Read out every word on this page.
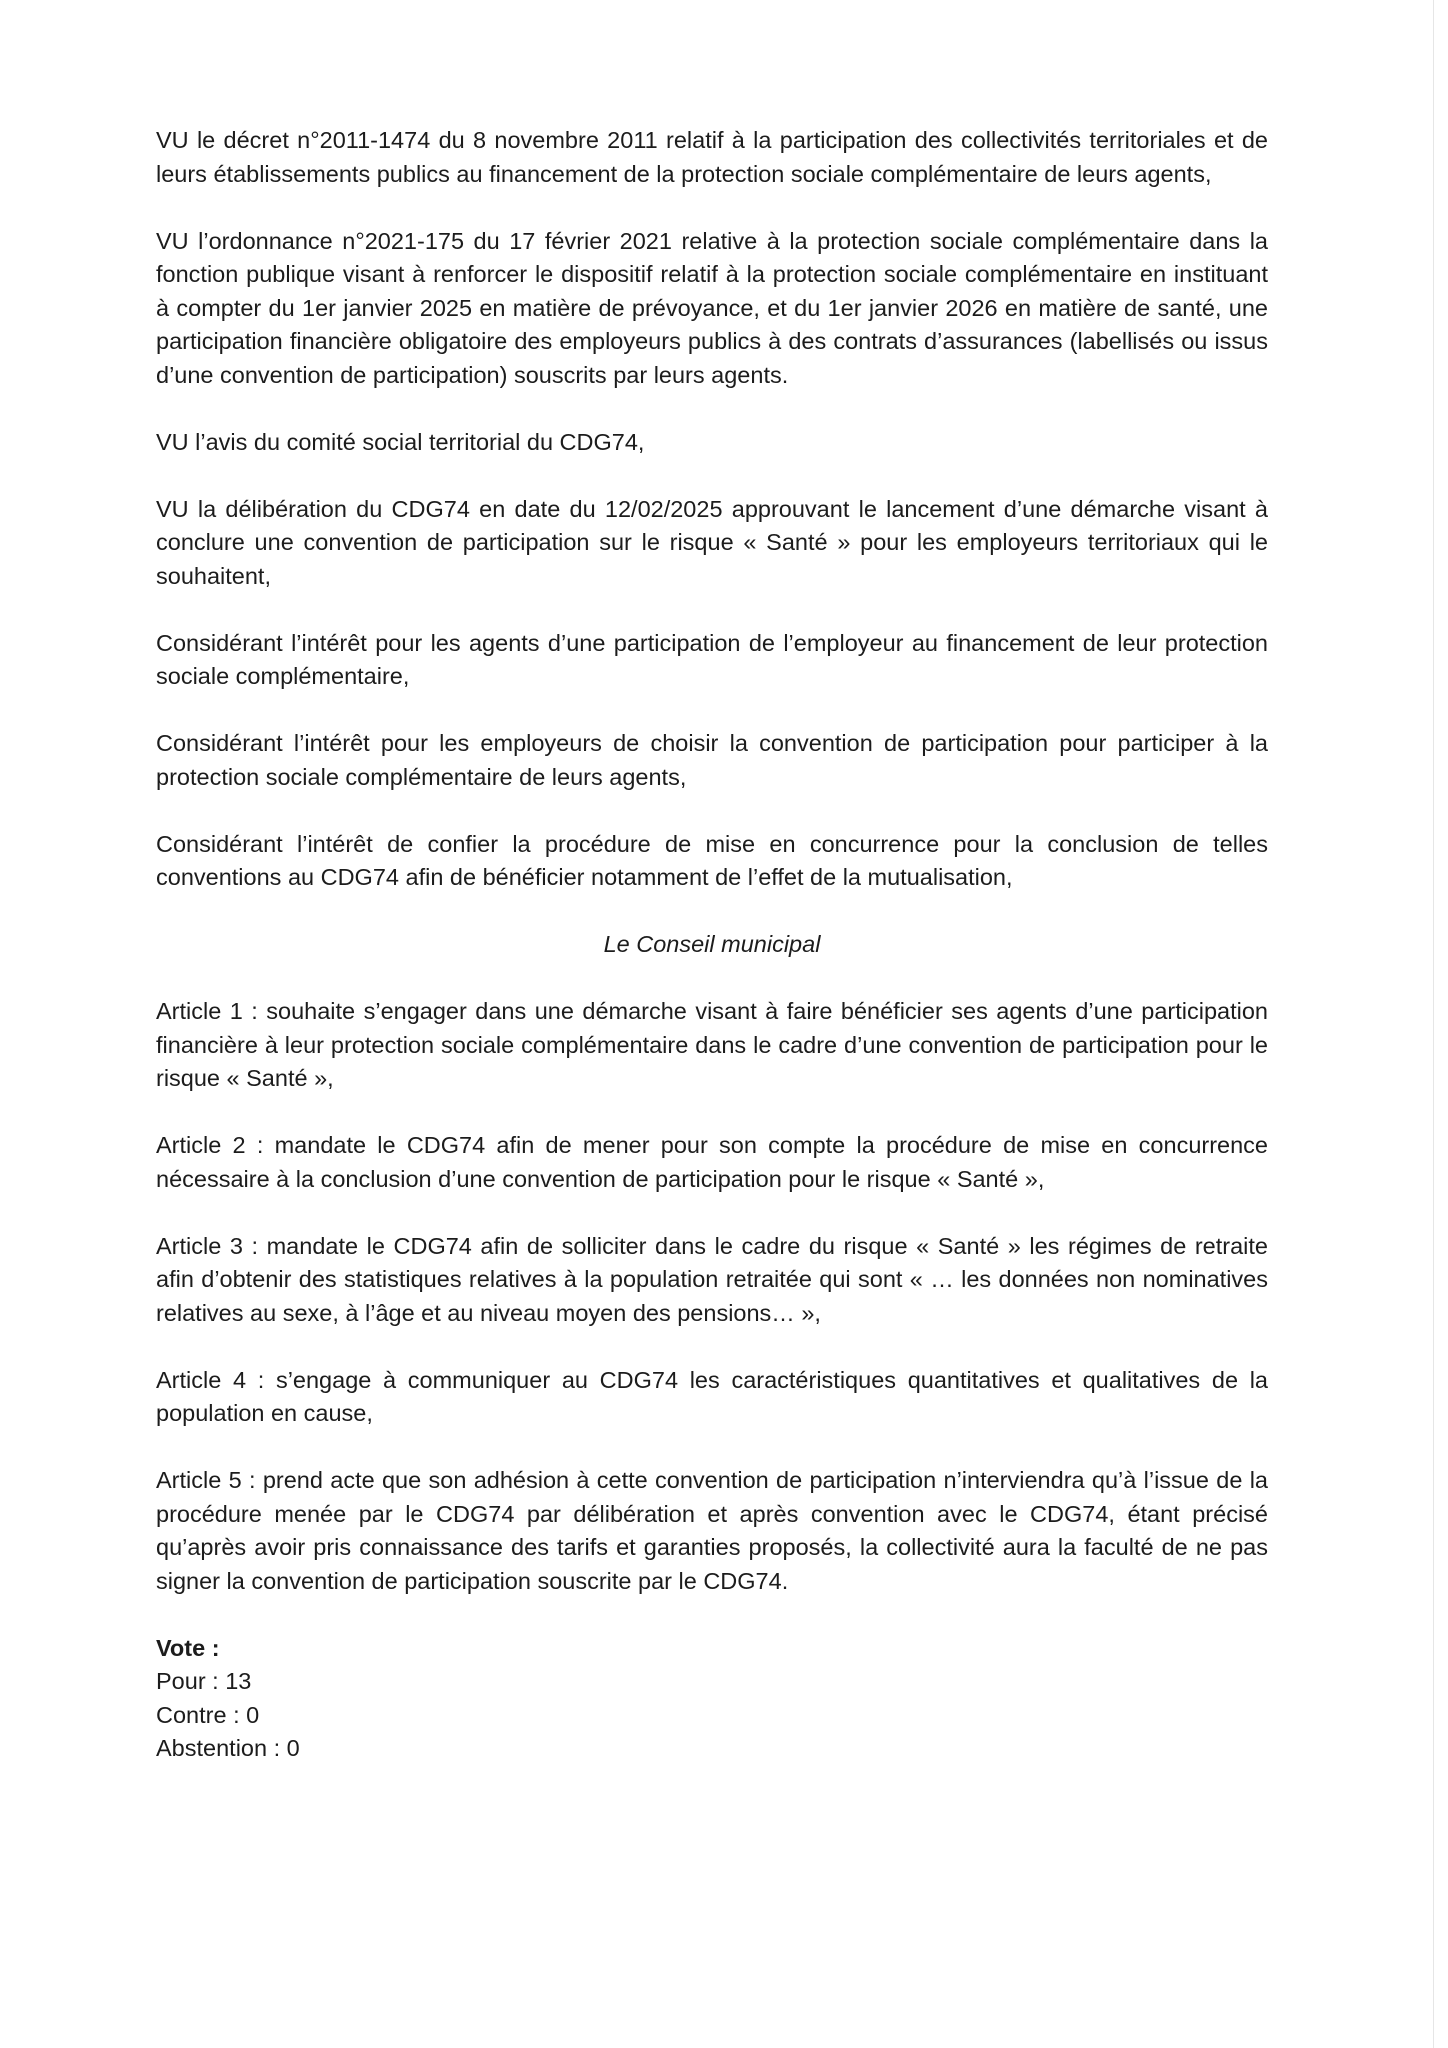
VU le décret n°2011-1474 du 8 novembre 2011 relatif à la participation des collectivités territoriales et de leurs établissements publics au financement de la protection sociale complémentaire de leurs agents,

VU l’ordonnance n°2021-175 du 17 février 2021 relative à la protection sociale complémentaire dans la fonction publique visant à renforcer le dispositif relatif à la protection sociale complémentaire en instituant à compter du 1er janvier 2025 en matière de prévoyance, et du 1er janvier 2026 en matière de santé, une participation financière obligatoire des employeurs publics à des contrats d’assurances (labellisés ou issus d’une convention de participation) souscrits par leurs agents.

VU l’avis du comité social territorial du CDG74,

VU la délibération du CDG74 en date du 12/02/2025 approuvant le lancement d’une démarche visant à conclure une convention de participation sur le risque « Santé » pour les employeurs territoriaux qui le souhaitent,

Considérant l’intérêt pour les agents d’une participation de l’employeur au financement de leur protection sociale complémentaire,

Considérant l’intérêt pour les employeurs de choisir la convention de participation pour participer à la protection sociale complémentaire de leurs agents,

Considérant l’intérêt de confier la procédure de mise en concurrence pour la conclusion de telles conventions au CDG74 afin de bénéficier notamment de l’effet de la mutualisation,

Le Conseil municipal

Article 1 : souhaite s’engager dans une démarche visant à faire bénéficier ses agents d’une participation financière à leur protection sociale complémentaire dans le cadre d’une convention de participation pour le risque « Santé »,

Article 2 : mandate le CDG74 afin de mener pour son compte la procédure de mise en concurrence nécessaire à la conclusion d’une convention de participation pour le risque « Santé »,

Article 3 : mandate le CDG74 afin de solliciter dans le cadre du risque « Santé » les régimes de retraite afin d’obtenir des statistiques relatives à la population retraitée qui sont « … les données non nominatives relatives au sexe, à l’âge et au niveau moyen des pensions… »,

Article 4 : s’engage à communiquer au CDG74 les caractéristiques quantitatives et qualitatives de la population en cause,

Article 5 : prend acte que son adhésion à cette convention de participation n’interviendra qu’à l’issue de la procédure menée par le CDG74 par délibération et après convention avec le CDG74, étant précisé qu’après avoir pris connaissance des tarifs et garanties proposés, la collectivité aura la faculté de ne pas signer la convention de participation souscrite par le CDG74.

Vote :
Pour : 13
Contre : 0
Abstention : 0
